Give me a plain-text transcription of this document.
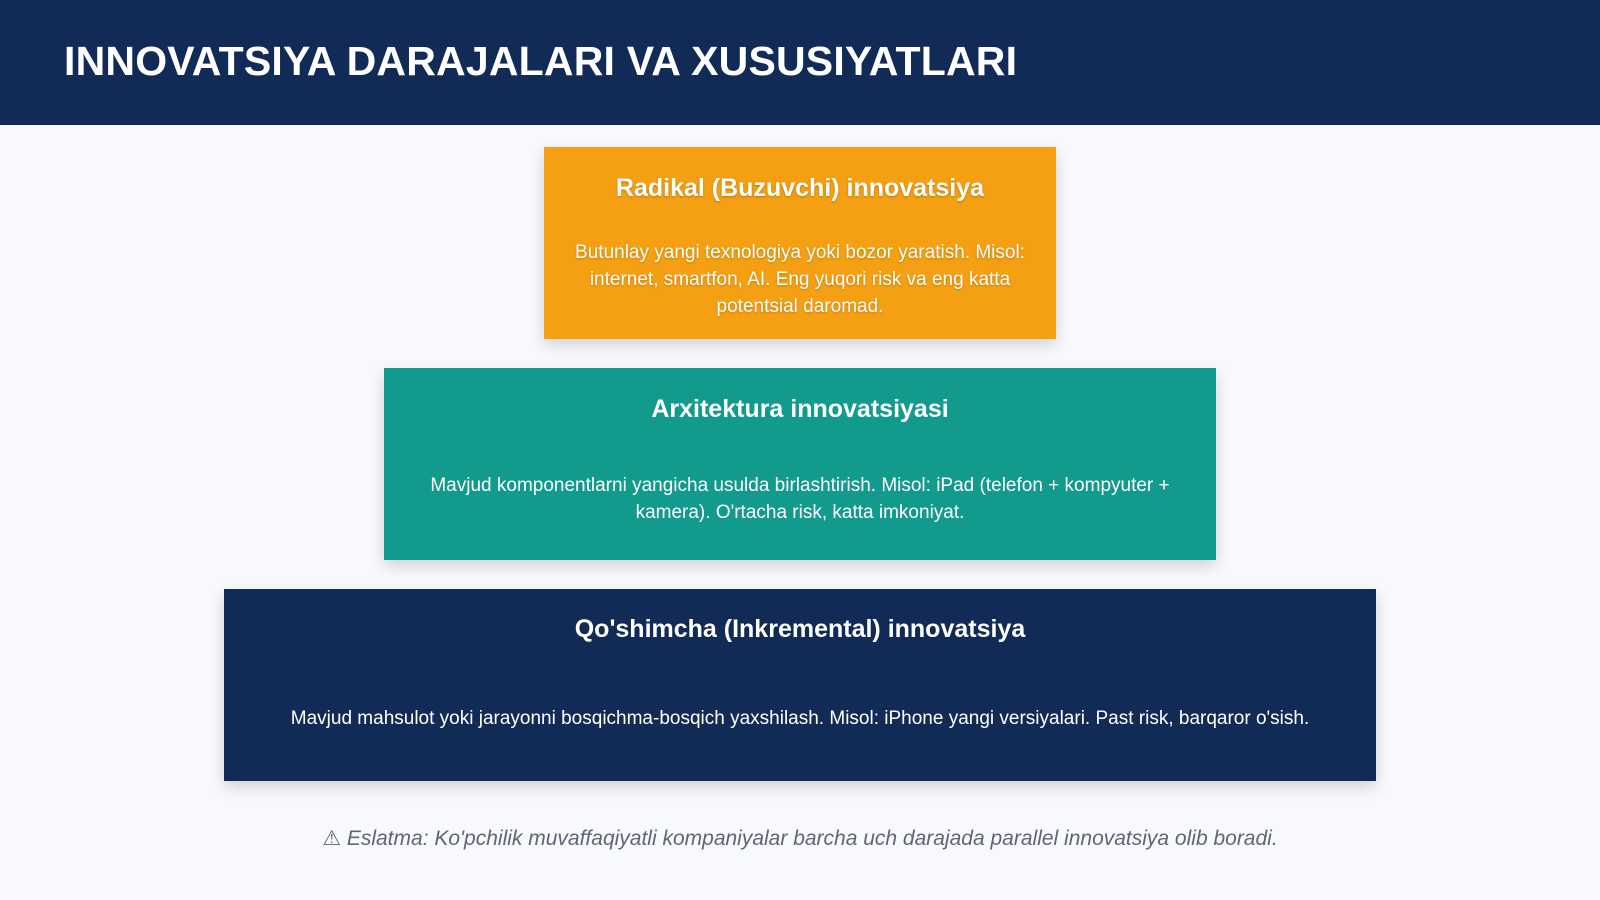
INNOVATSIYA DARAJALARI VA XUSUSIYATLARI
Radikal (Buzuvchi) innovatsiya

Butunlay yangi texnologiya yoki bozor yaratish. Misol: internet, smartfon, AI. Eng yuqori risk va eng katta potentsial daromad.

Arxitektura innovatsiyasi

Mavjud komponentlarni yangicha usulda birlashtirish. Misol: iPad (telefon + kompyuter + kamera). O'rtacha risk, katta imkoniyat.

Qo'shimcha (Inkremental) innovatsiya

Mavjud mahsulot yoki jarayonni bosqichma-bosqich yaxshilash. Misol: iPhone yangi versiyalari. Past risk, barqaror o'sish.

⚠ Eslatma: Ko'pchilik muvaffaqiyatli kompaniyalar barcha uch darajada parallel innovatsiya olib boradi.
